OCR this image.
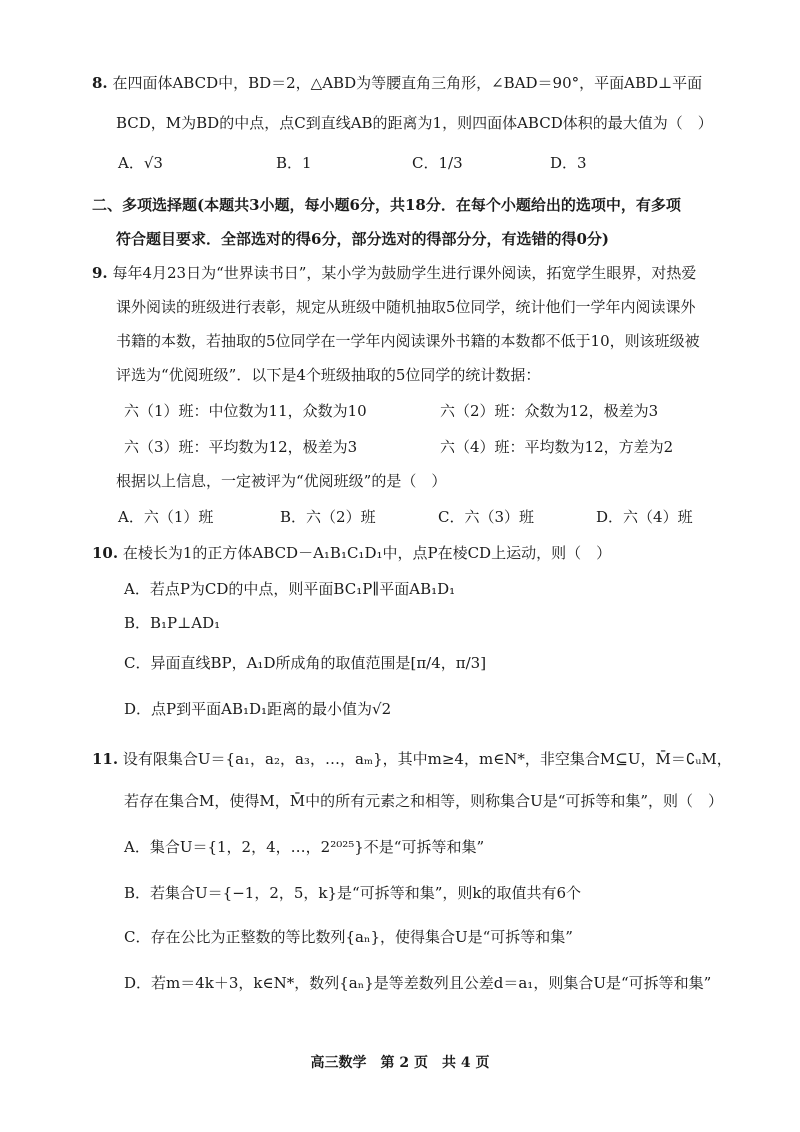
8. 在四面体ABCD中，BD＝2，△ABD为等腰直角三角形，∠BAD＝90°，平面ABD⊥平面
BCD，M为BD的中点，点C到直线AB的距离为1，则四面体ABCD体积的最大值为（　）
A．√3	B．1	C．1/3	D．3
二、多项选择题(本题共3小题，每小题6分，共18分．在每个小题给出的选项中，有多项
符合题目要求．全部选对的得6分，部分选对的得部分分，有选错的得0分)
9. 每年4月23日为“世界读书日”，某小学为鼓励学生进行课外阅读，拓宽学生眼界，对热爱
课外阅读的班级进行表彰，规定从班级中随机抽取5位同学，统计他们一学年内阅读课外
书籍的本数，若抽取的5位同学在一学年内阅读课外书籍的本数都不低于10，则该班级被
评选为“优阅班级”．以下是4个班级抽取的5位同学的统计数据：
六（1）班：中位数为11，众数为10	六（2）班：众数为12，极差为3
六（3）班：平均数为12，极差为3	六（4）班：平均数为12，方差为2
根据以上信息，一定被评为“优阅班级”的是（　）
A．六（1）班	B．六（2）班	C．六（3）班	D．六（4）班
10. 在棱长为1的正方体ABCD－A₁B₁C₁D₁中，点P在棱CD上运动，则（　）
A．若点P为CD的中点，则平面BC₁P∥平面AB₁D₁
B．B₁P⊥AD₁
C．异面直线BP，A₁D所成角的取值范围是[π/4，π/3]
D．点P到平面AB₁D₁距离的最小值为√2
11. 设有限集合U＝{a₁，a₂，a₃，…，aₘ}，其中m≥4，m∈N*，非空集合M⊆U，M̄＝∁ᵤM，
若存在集合M，使得M，M̄中的所有元素之和相等，则称集合U是“可拆等和集”，则（　）
A．集合U＝{1，2，4，…，2²⁰²⁵}不是“可拆等和集”
B．若集合U＝{−1，2，5，k}是“可拆等和集”，则k的取值共有6个
C．存在公比为正整数的等比数列{aₙ}，使得集合U是“可拆等和集”
D．若m＝4k＋3，k∈N*，数列{aₙ}是等差数列且公差d＝a₁，则集合U是“可拆等和集”
高三数学　第 2 页　共 4 页
